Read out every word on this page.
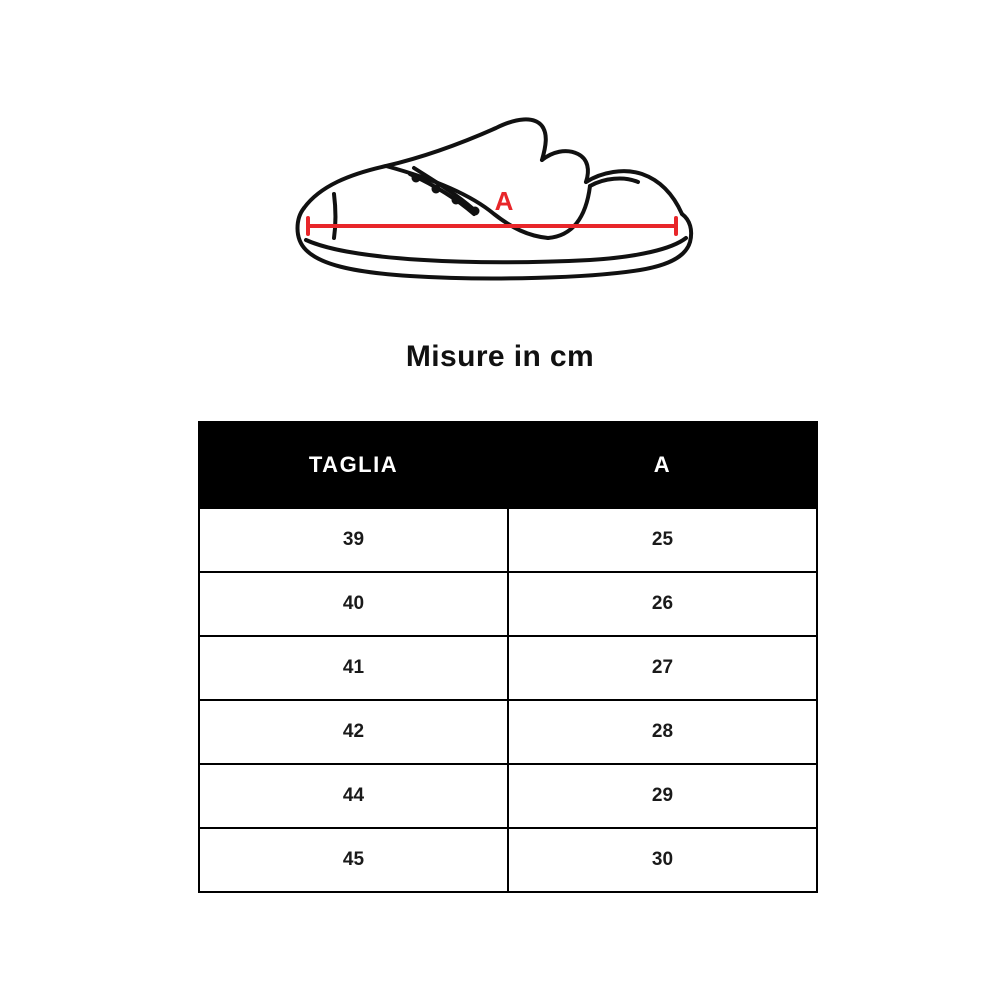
A
Misure in cm
TAGLIA	A
39	25
40	26
41	27
42	28
44	29
45	30
